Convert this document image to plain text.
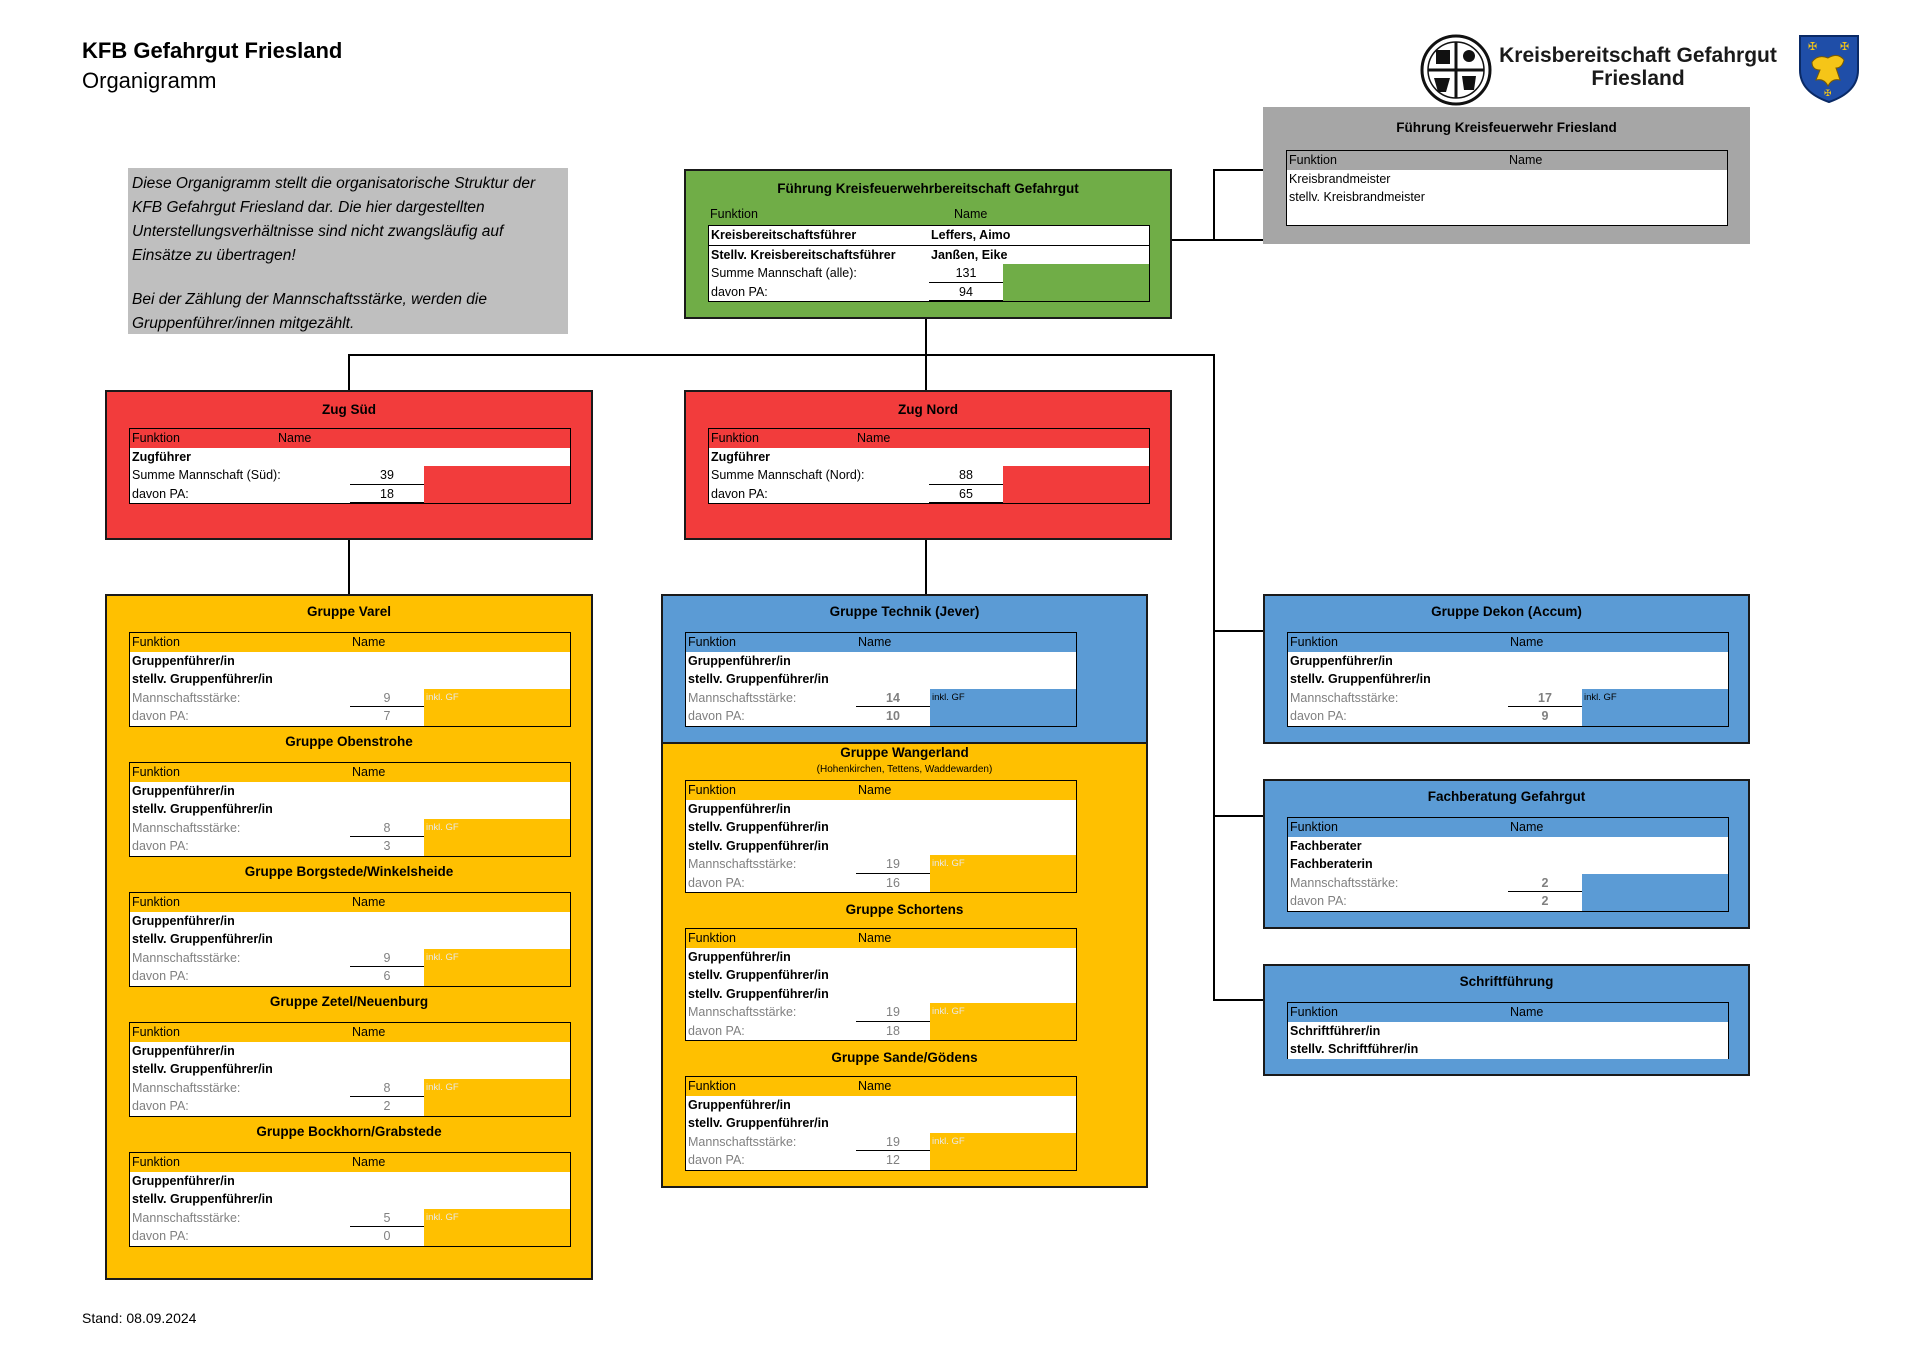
KFB Gefahrgut Friesland
Organigramm
Kreisbereitschaft Gefahrgut
Friesland
✠ ✠
✠

Diese Organigramm stellt die organisatorische Struktur der KFB Gefahrgut Friesland dar. Die hier dargestellten Unterstellungsverhältnisse sind nicht zwangsläufig auf Einsätze zu übertragen!

Bei der Zählung der Mannschaftsstärke, werden die Gruppenführer/innen mitgezählt.

Führung Kreisfeuerwehr Friesland
Funktion	Name
Kreisbrandmeister
stellv. Kreisbrandmeister
Führung Kreisfeuerwehrbereitschaft Gefahrgut
Funktion	Name
Kreisbereitschaftsführer	Leffers, Aimo
Stellv. Kreisbereitschaftsführer	Janßen, Eike
Summe Mannschaft (alle):	131
davon PA:	94
Zug Süd
Funktion	Name
Zugführer
Summe Mannschaft (Süd):	39
davon PA:	18
Zug Nord
Funktion	Name
Zugführer
Summe Mannschaft (Nord):	88
davon PA:	65
Gruppe Varel
Funktion	Name
Gruppenführer/in
stellv. Gruppenführer/in
Mannschaftsstärke:	9	inkl. GF
davon PA:	7
Gruppe Obenstrohe
Funktion	Name
Gruppenführer/in
stellv. Gruppenführer/in
Mannschaftsstärke:	8	inkl. GF
davon PA:	3
Gruppe Borgstede/Winkelsheide
Funktion	Name
Gruppenführer/in
stellv. Gruppenführer/in
Mannschaftsstärke:	9	inkl. GF
davon PA:	6
Gruppe Zetel/Neuenburg
Funktion	Name
Gruppenführer/in
stellv. Gruppenführer/in
Mannschaftsstärke:	8	inkl. GF
davon PA:	2
Gruppe Bockhorn/Grabstede
Funktion	Name
Gruppenführer/in
stellv. Gruppenführer/in
Mannschaftsstärke:	5	inkl. GF
davon PA:	0
Gruppe Technik (Jever)
Funktion	Name
Gruppenführer/in
stellv. Gruppenführer/in
Mannschaftsstärke:	14	inkl. GF
davon PA:	10
Gruppe Wangerland
(Hohenkirchen, Tettens, Waddewarden)
Funktion	Name
Gruppenführer/in
stellv. Gruppenführer/in
stellv. Gruppenführer/in
Mannschaftsstärke:	19	inkl. GF
davon PA:	16
Gruppe Schortens
Funktion	Name
Gruppenführer/in
stellv. Gruppenführer/in
stellv. Gruppenführer/in
Mannschaftsstärke:	19	inkl. GF
davon PA:	18
Gruppe Sande/Gödens
Funktion	Name
Gruppenführer/in
stellv. Gruppenführer/in
Mannschaftsstärke:	19	inkl. GF
davon PA:	12
Gruppe Dekon (Accum)
Funktion	Name
Gruppenführer/in
stellv. Gruppenführer/in
Mannschaftsstärke:	17	inkl. GF
davon PA:	9
Fachberatung Gefahrgut
Funktion	Name
Fachberater
Fachberaterin
Mannschaftsstärke:	2
davon PA:	2
Schriftführung
Funktion	Name
Schriftführer/in
stellv. Schriftführer/in
Stand: 08.09.2024
